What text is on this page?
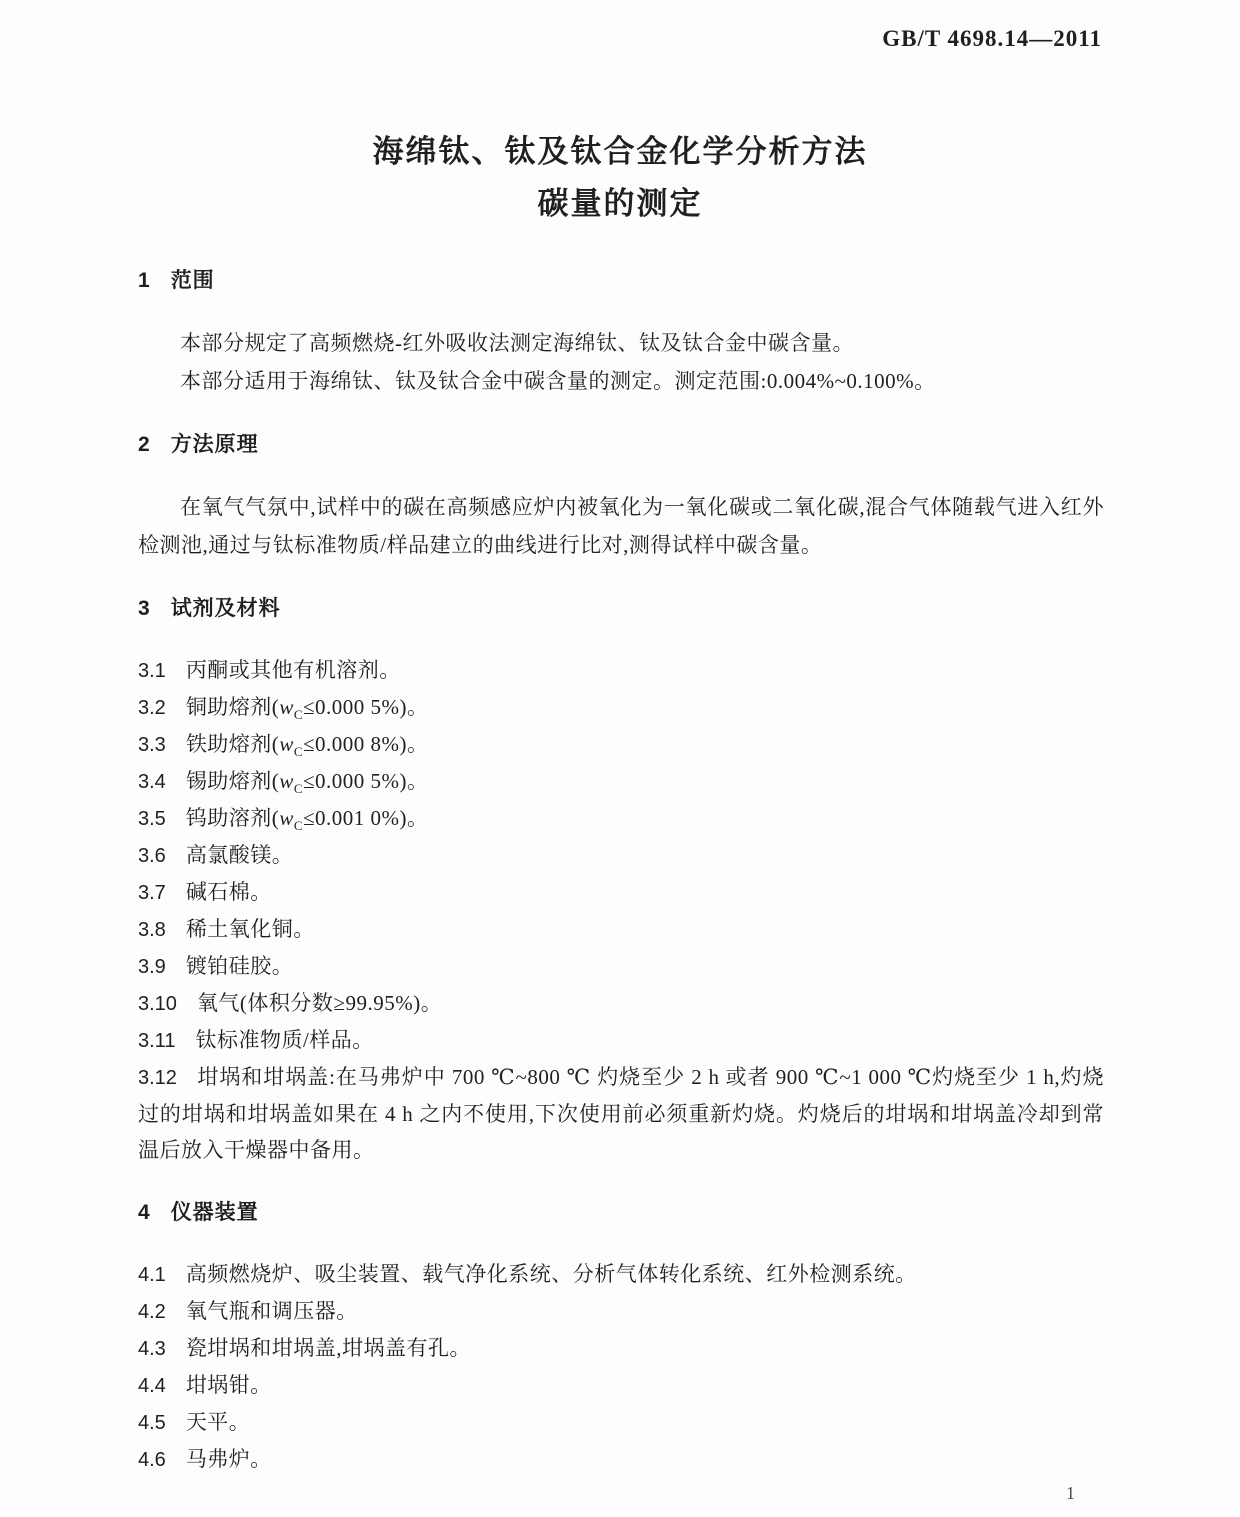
GB/T 4698.14—2011
海绵钛、钛及钛合金化学分析方法
碳量的测定
1 范围

本部分规定了高频燃烧-红外吸收法测定海绵钛、钛及钛合金中碳含量。

本部分适用于海绵钛、钛及钛合金中碳含量的测定。测定范围:0.004%~0.100%。

2 方法原理

在氧气气氛中,试样中的碳在高频感应炉内被氧化为一氧化碳或二氧化碳,混合气体随载气进入红外检测池,通过与钛标准物质/样品建立的曲线进行比对,测得试样中碳含量。

3 试剂及材料

3.1 丙酮或其他有机溶剂。

3.2 铜助熔剂($w_C\le 0.000$ 5%)。

3.3 铁助熔剂($w_C\le 0.000$ 8%)。

3.4 锡助熔剂($w_C\le 0.000$ 5%)。

3.5 钨助溶剂($w_C\le 0.001$ 0%)。

3.6 高氯酸镁。

3.7 碱石棉。

3.8 稀土氧化铜。

3.9 镀铂硅胶。

3.10 氧气(体积分数≥99.95%)。

3.11 钛标准物质/样品。

3.12 坩埚和坩埚盖:在马弗炉中 700 ℃~800 ℃ 灼烧至少 2 h 或者 900 ℃~1 000 ℃灼烧至少 1 h,灼烧过的坩埚和坩埚盖如果在 4 h 之内不使用,下次使用前必须重新灼烧。灼烧后的坩埚和坩埚盖冷却到常温后放入干燥器中备用。

4 仪器装置

4.1 高频燃烧炉、吸尘装置、载气净化系统、分析气体转化系统、红外检测系统。

4.2 氧气瓶和调压器。

4.3 瓷坩埚和坩埚盖,坩埚盖有孔。

4.4 坩埚钳。

4.5 天平。

4.6 马弗炉。

1
